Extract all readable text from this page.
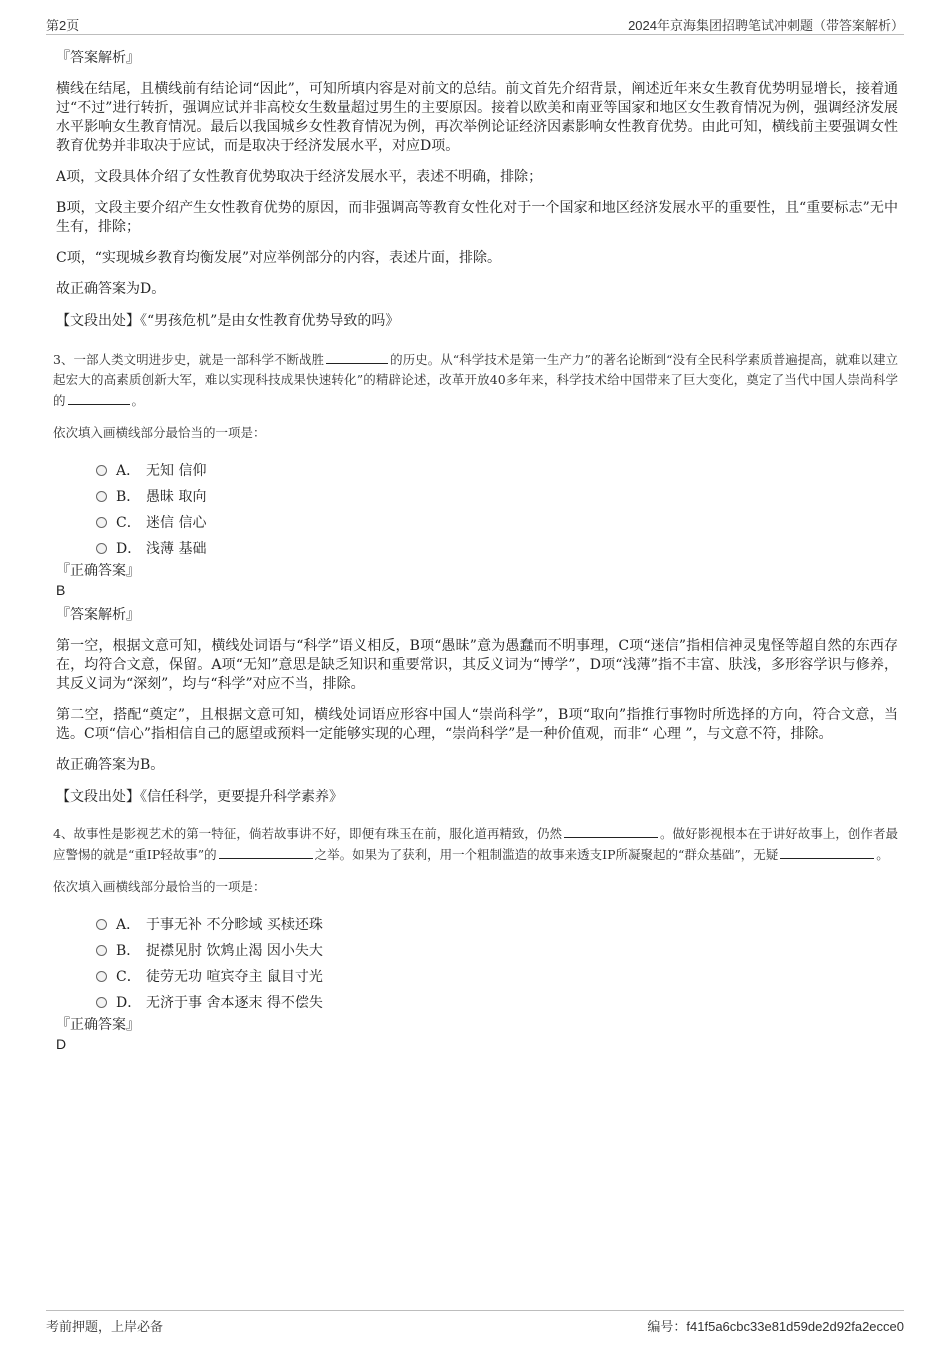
第2页	2024年京海集团招聘笔试冲刺题（带答案解析）
『答案解析』

横线在结尾，且横线前有结论词“因此”，可知所填内容是对前文的总结。前文首先介绍背景，阐述近年来女生教育优势明显增长，接着通过“不过”进行转折，强调应试并非高校女生数量超过男生的主要原因。接着以欧美和南亚等国家和地区女生教育情况为例，强调经济发展水平影响女生教育情况。最后以我国城乡女性教育情况为例，再次举例论证经济因素影响女性教育优势。由此可知，横线前主要强调女性教育优势并非取决于应试，而是取决于经济发展水平，对应D项。

A项，文段具体介绍了女性教育优势取决于经济发展水平，表述不明确，排除；

B项，文段主要介绍产生女性教育优势的原因，而非强调高等教育女性化对于一个国家和地区经济发展水平的重要性，且“重要标志”无中生有，排除；

C项，“实现城乡教育均衡发展”对应举例部分的内容，表述片面，排除。

故正确答案为D。

【文段出处】《“男孩危机”是由女性教育优势导致的吗》

3、一部人类文明进步史，就是一部科学不断战胜	的历史。从“科学技术是第一生产力”的著名论断到“没有全民科学素质普遍提高，就难以建立起宏大的高素质创新大军，难以实现科技成果快速转化”的精辟论述，改革开放40多年来，科学技术给中国带来了巨大变化，奠定了当代中国人崇尚科学的	。

依次填入画横线部分最恰当的一项是：

A． 无知 信仰
B． 愚昧 取向
C． 迷信 信心
D． 浅薄 基础
『正确答案』
B
『答案解析』

第一空，根据文意可知，横线处词语与“科学”语义相反，B项“愚昧”意为愚蠢而不明事理，C项“迷信”指相信神灵鬼怪等超自然的东西存在，均符合文意，保留。A项“无知”意思是缺乏知识和重要常识，其反义词为“博学”，D项“浅薄”指不丰富、肤浅，多形容学识与修养，其反义词为“深刻”，均与“科学”对应不当，排除。

第二空，搭配“奠定”，且根据文意可知，横线处词语应形容中国人“崇尚科学”，B项“取向”指推行事物时所选择的方向，符合文意，当选。C项“信心”指相信自己的愿望或预料一定能够实现的心理，“崇尚科学”是一种价值观，而非“ 心理 ”，与文意不符，排除。

故正确答案为B。

【文段出处】《信任科学，更要提升科学素养》

4、故事性是影视艺术的第一特征，倘若故事讲不好，即便有珠玉在前，服化道再精致，仍然	。做好影视根本在于讲好故事上，创作者最应警惕的就是“重IP轻故事”的	之举。如果为了获利，用一个粗制滥造的故事来透支IP所凝聚起的“群众基础”，无疑	。

依次填入画横线部分最恰当的一项是：

A． 于事无补 不分畛域 买椟还珠
B． 捉襟见肘 饮鸩止渴 因小失大
C． 徒劳无功 喧宾夺主 鼠目寸光
D． 无济于事 舍本逐末 得不偿失
『正确答案』
D
考前押题，上岸必备	编号：f41f5a6cbc33e81d59de2d92fa2ecce0
